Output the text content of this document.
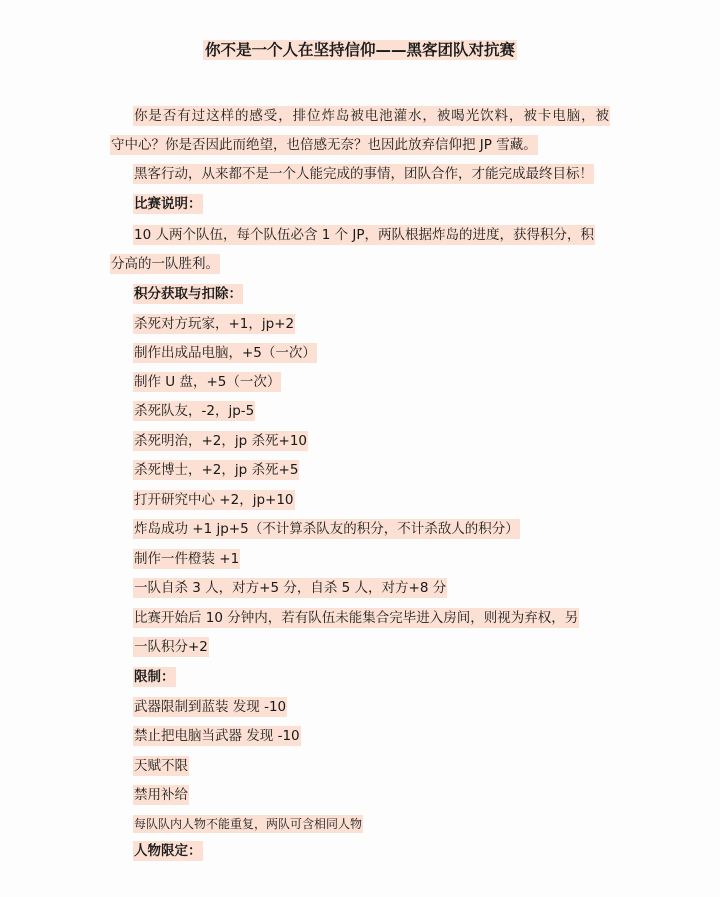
你不是一个人在坚持信仰——黑客团队对抗赛
你是否有过这样的感受，排位炸岛被电池灌水，被喝光饮料，被卡电脑，被
守中心？你是否因此而绝望，也倍感无奈？也因此放弃信仰把 JP 雪藏。
黑客行动，从来都不是一个人能完成的事情，团队合作，才能完成最终目标！
比赛说明：
10 人两个队伍，每个队伍必含 1 个 JP，两队根据炸岛的进度，获得积分，积
分高的一队胜利。
积分获取与扣除：
杀死对方玩家，+1，jp+2
制作出成品电脑，+5（一次）
制作 U 盘，+5（一次）
杀死队友，-2，jp-5
杀死明治，+2，jp 杀死+10
杀死博士，+2，jp 杀死+5
打开研究中心 +2，jp+10
炸岛成功 +1 jp+5（不计算杀队友的积分，不计杀敌人的积分）
制作一件橙装 +1
一队自杀 3 人，对方+5 分，自杀 5 人，对方+8 分
比赛开始后 10 分钟内，若有队伍未能集合完毕进入房间，则视为弃权，另
一队积分+2
限制：
武器限制到蓝装 发现 -10
禁止把电脑当武器 发现 -10
天赋不限
禁用补给
每队队内人物不能重复，两队可含相同人物
人物限定：
